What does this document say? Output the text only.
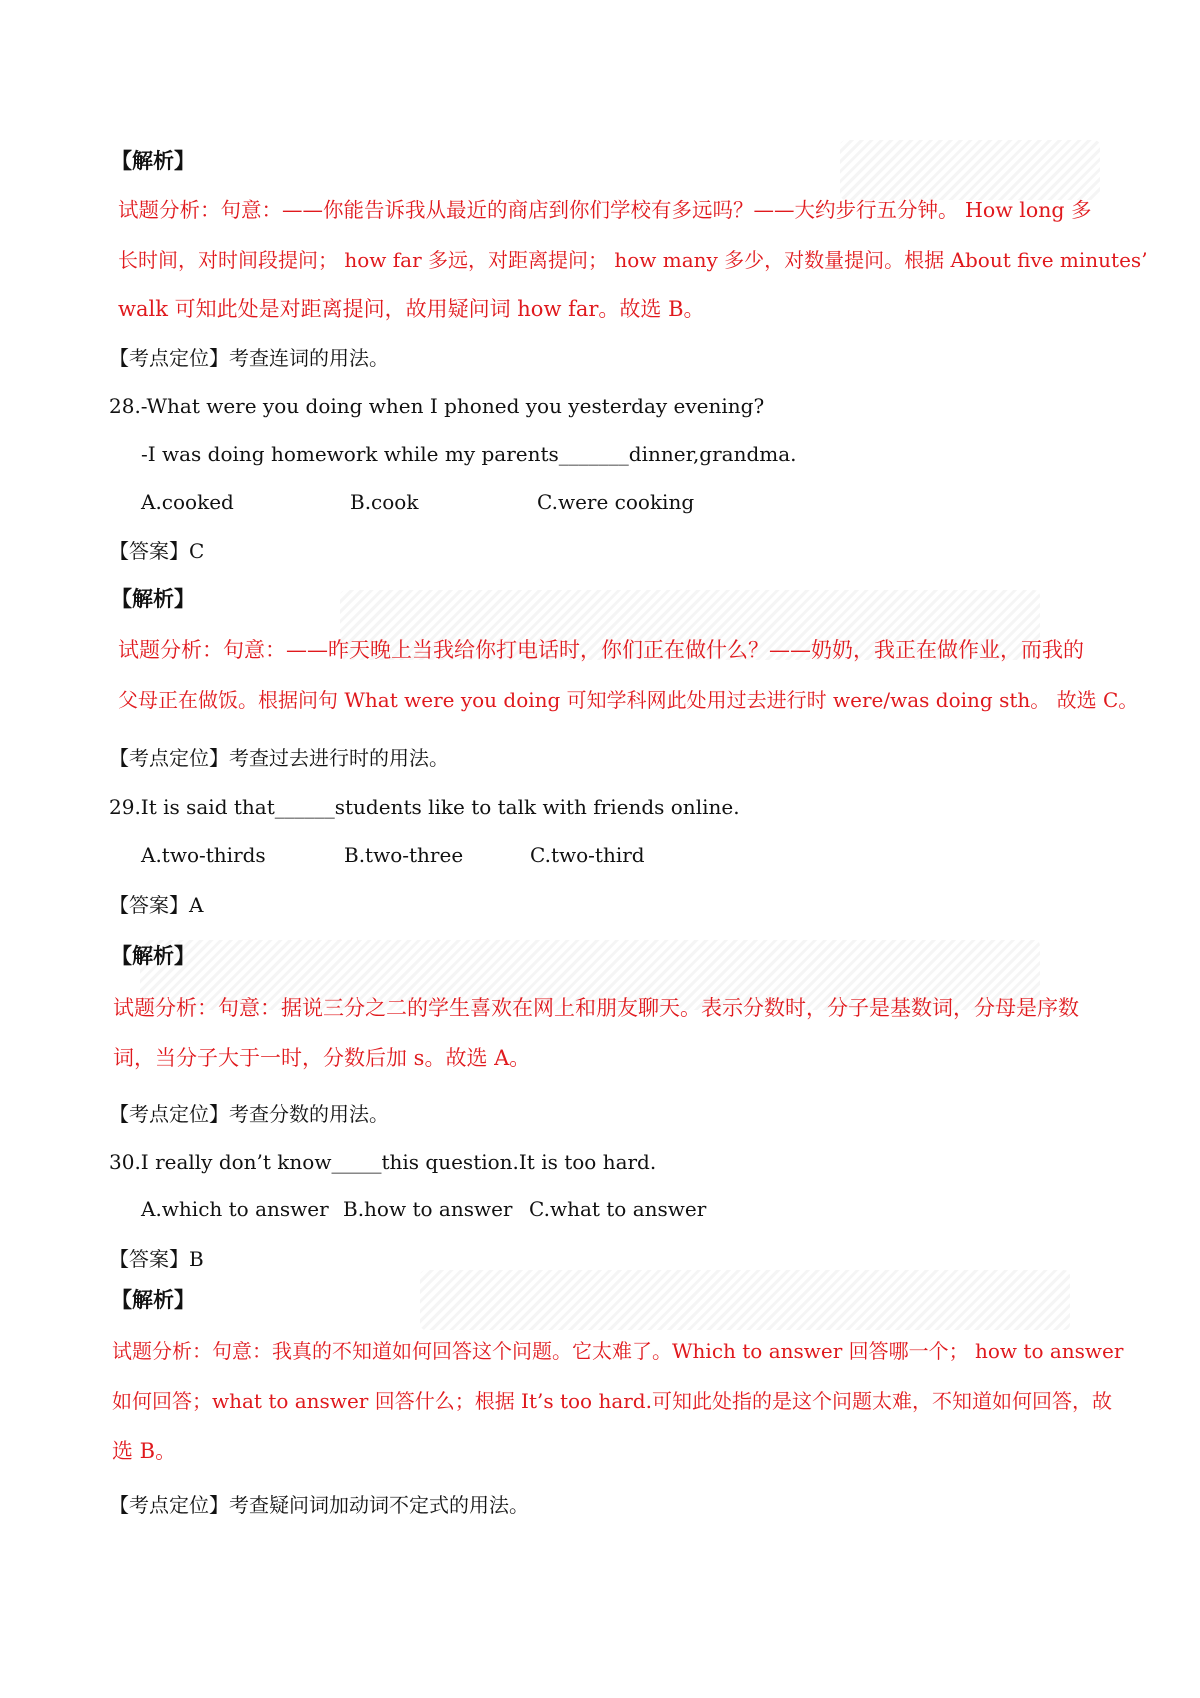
【解析】
试题分析：句意：——你能告诉我从最近的商店到你们学校有多远吗？——大约步行五分钟。 How long 多
长时间，对时间段提问； how far 多远，对距离提问； how many 多少，对数量提问。根据 About five minutes’
walk 可知此处是对距离提问，故用疑问词 how far。故选 B。
【考点定位】考查连词的用法。
28.-What were you doing when I phoned you yesterday evening?
-I was doing homework while my parents_______dinner,grandma.
A.cooked	B.cook	C.were cooking
【答案】C
【解析】
试题分析：句意：——昨天晚上当我给你打电话时，你们正在做什么？——奶奶，我正在做作业，而我的
父母正在做饭。根据问句 What were you doing 可知学科网此处用过去进行时 were/was doing sth。 故选 C。
【考点定位】考查过去进行时的用法。
29.It is said that______students like to talk with friends online.
A.two-thirds	B.two-three	C.two-third
【答案】A
【解析】
试题分析：句意：据说三分之二的学生喜欢在网上和朋友聊天。表示分数时，分子是基数词，分母是序数
词，当分子大于一时，分数后加 s。故选 A。
【考点定位】考查分数的用法。
30.I really don’t know_____this question.It is too hard.
A.which to answer B.how to answer C.what to answer
【答案】B
【解析】
试题分析：句意：我真的不知道如何回答这个问题。它太难了。Which to answer 回答哪一个； how to answer
如何回答；what to answer 回答什么；根据 It’s too hard.可知此处指的是这个问题太难，不知道如何回答，故
选 B。
【考点定位】考查疑问词加动词不定式的用法。
